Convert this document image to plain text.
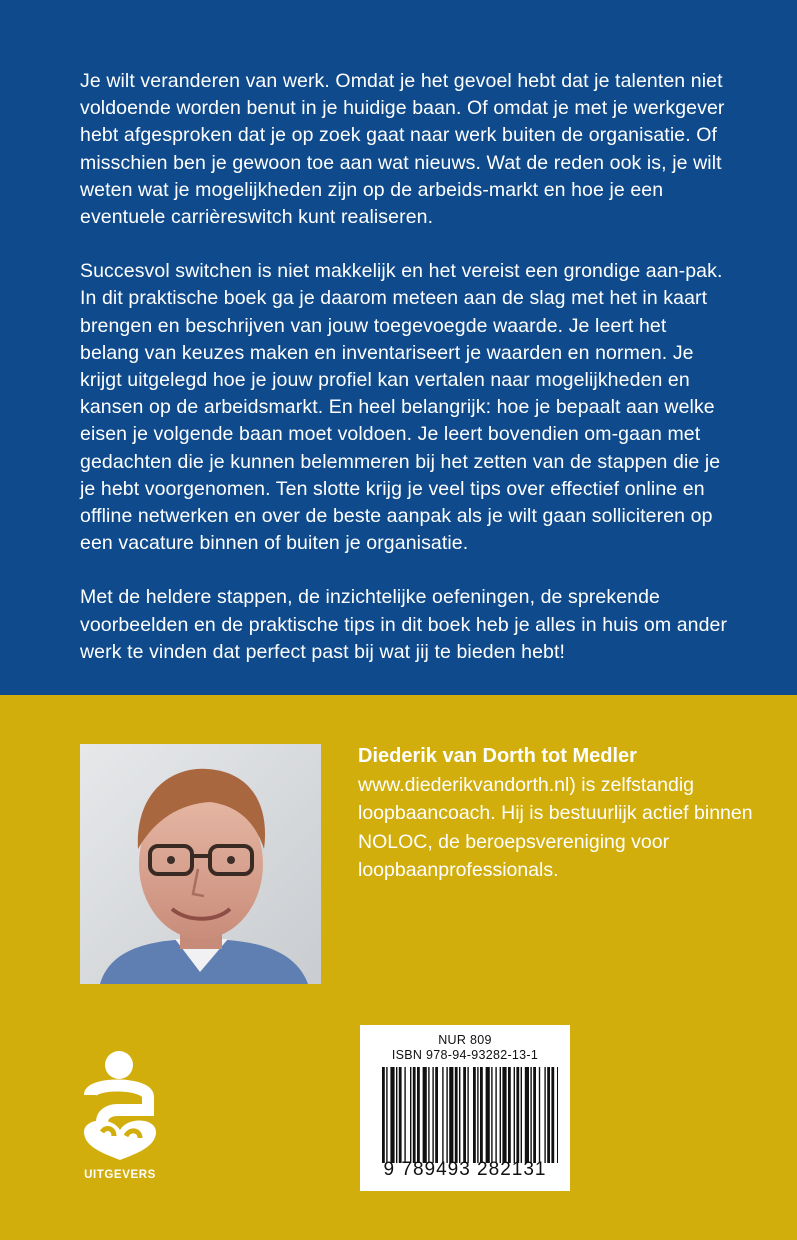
Je wilt veranderen van werk. Omdat je het gevoel hebt dat je talenten niet voldoende worden benut in je huidige baan. Of omdat je met je werkgever hebt afgesproken dat je op zoek gaat naar werk buiten de organisatie. Of misschien ben je gewoon toe aan wat nieuws. Wat de reden ook is, je wilt weten wat je mogelijkheden zijn op de arbeids-markt en hoe je een eventuele carrièreswitch kunt realiseren.

Succesvol switchen is niet makkelijk en het vereist een grondige aan-pak. In dit praktische boek ga je daarom meteen aan de slag met het in kaart brengen en beschrijven van jouw toegevoegde waarde. Je leert het belang van keuzes maken en inventariseert je waarden en normen. Je krijgt uitgelegd hoe je jouw profiel kan vertalen naar mogelijkheden en kansen op de arbeidsmarkt. En heel belangrijk: hoe je bepaalt aan welke eisen je volgende baan moet voldoen. Je leert bovendien om-gaan met gedachten die je kunnen belemmeren bij het zetten van de stappen die je je hebt voorgenomen. Ten slotte krijg je veel tips over effectief online en offline netwerken en over de beste aanpak als je wilt gaan solliciteren op een vacature binnen of buiten je organisatie.

Met de heldere stappen, de inzichtelijke oefeningen, de sprekende voorbeelden en de praktische tips in dit boek heb je alles in huis om ander werk te vinden dat perfect past bij wat jij te bieden hebt!

Diederik van Dorth tot Medler
www.diederikvandorth.nl) is zelfstandig loopbaancoach. Hij is bestuurlijk actief binnen NOLOC, de beroepsvereniging voor loopbaanprofessionals.
UITGEVERS
NUR 809
ISBN 978-94-93282-13-1
9 789493 282131
